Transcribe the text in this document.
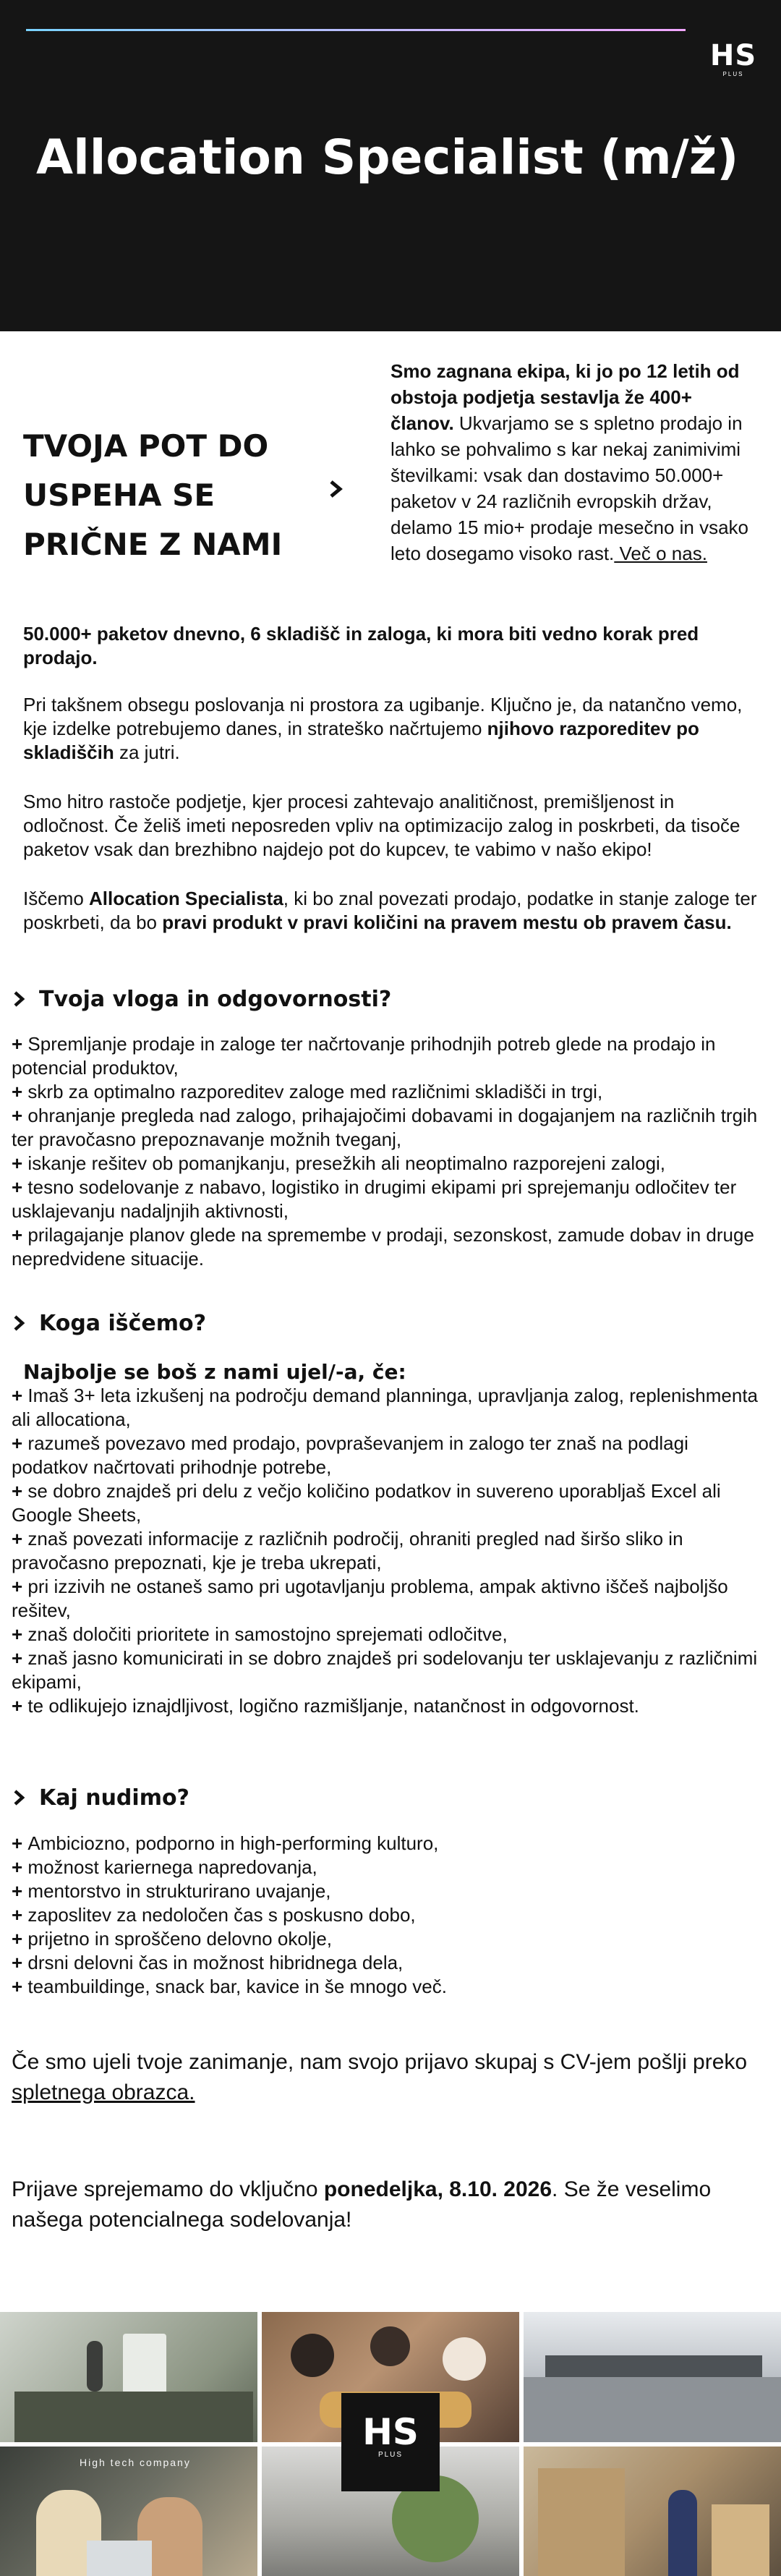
HS
PLUS
Allocation Specialist (m/ž)
TVOJA POT DO USPEHA SE PRIČNE Z NAMI

Smo zagnana ekipa, ki jo po 12 letih od obstoja podjetja sestavlja že 400+ članov. Ukvarjamo se s spletno prodajo in lahko se pohvalimo s kar nekaj zanimivimi številkami: vsak dan dostavimo 50.000+ paketov v 24 različnih evropskih držav, delamo 15 mio+ prodaje mesečno in vsako leto dosegamo visoko rast. Več o nas.

50.000+ paketov dnevno, 6 skladišč in zaloga, ki mora biti vedno korak pred prodajo.

Pri takšnem obsegu poslovanja ni prostora za ugibanje. Ključno je, da natančno vemo, kje izdelke potrebujemo danes, in strateško načrtujemo njihovo razporeditev po skladiščih za jutri.

Smo hitro rastoče podjetje, kjer procesi zahtevajo analitičnost, premišljenost in odločnost. Če želiš imeti neposreden vpliv na optimizacijo zalog in poskrbeti, da tisoče paketov vsak dan brezhibno najdejo pot do kupcev, te vabimo v našo ekipo!

Iščemo Allocation Specialista, ki bo znal povezati prodajo, podatke in stanje zaloge ter poskrbeti, da bo pravi produkt v pravi količini na pravem mestu ob pravem času.

Tvoja vloga in odgovornosti?
+ Spremljanje prodaje in zaloge ter načrtovanje prihodnjih potreb glede na prodajo in potencial produktov,
+ skrb za optimalno razporeditev zaloge med različnimi skladišči in trgi,
+ ohranjanje pregleda nad zalogo, prihajajočimi dobavami in dogajanjem na različnih trgih ter pravočasno prepoznavanje možnih tveganj,
+ iskanje rešitev ob pomanjkanju, presežkih ali neoptimalno razporejeni zalogi,
+ tesno sodelovanje z nabavo, logistiko in drugimi ekipami pri sprejemanju odločitev ter usklajevanju nadaljnjih aktivnosti,
+ prilagajanje planov glede na spremembe v prodaji, sezonskost, zamude dobav in druge nepredvidene situacije.
Koga iščemo?

Najbolje se boš z nami ujel/-a, če:

+ Imaš 3+ leta izkušenj na področju demand planninga, upravljanja zalog, replenishmenta ali allocationa,
+ razumeš povezavo med prodajo, povpraševanjem in zalogo ter znaš na podlagi podatkov načrtovati prihodnje potrebe,
+ se dobro znajdeš pri delu z večjo količino podatkov in suvereno uporabljaš Excel ali Google Sheets,
+ znaš povezati informacije z različnih področij, ohraniti pregled nad širšo sliko in pravočasno prepoznati, kje je treba ukrepati,
+ pri izzivih ne ostaneš samo pri ugotavljanju problema, ampak aktivno iščeš najboljšo rešitev,
+ znaš določiti prioritete in samostojno sprejemati odločitve,
+ znaš jasno komunicirati in se dobro znajdeš pri sodelovanju ter usklajevanju z različnimi ekipami,
+ te odlikujejo iznajdljivost, logično razmišljanje, natančnost in odgovornost.
Kaj nudimo?
+ Ambiciozno, podporno in high-performing kulturo,
+ možnost kariernega napredovanja,
+ mentorstvo in strukturirano uvajanje,
+ zaposlitev za nedoločen čas s poskusno dobo,
+ prijetno in sproščeno delovno okolje,
+ drsni delovni čas in možnost hibridnega dela,
+ teambuildinge, snack bar, kavice in še mnogo več.

Če smo ujeli tvoje zanimanje, nam svojo prijavo skupaj s CV-jem pošlji preko spletnega obrazca.

Prijave sprejemamo do vključno ponedeljka, 8.10. 2026. Se že veselimo našega potencialnega sodelovanja!

High tech company
HS
PLUS
